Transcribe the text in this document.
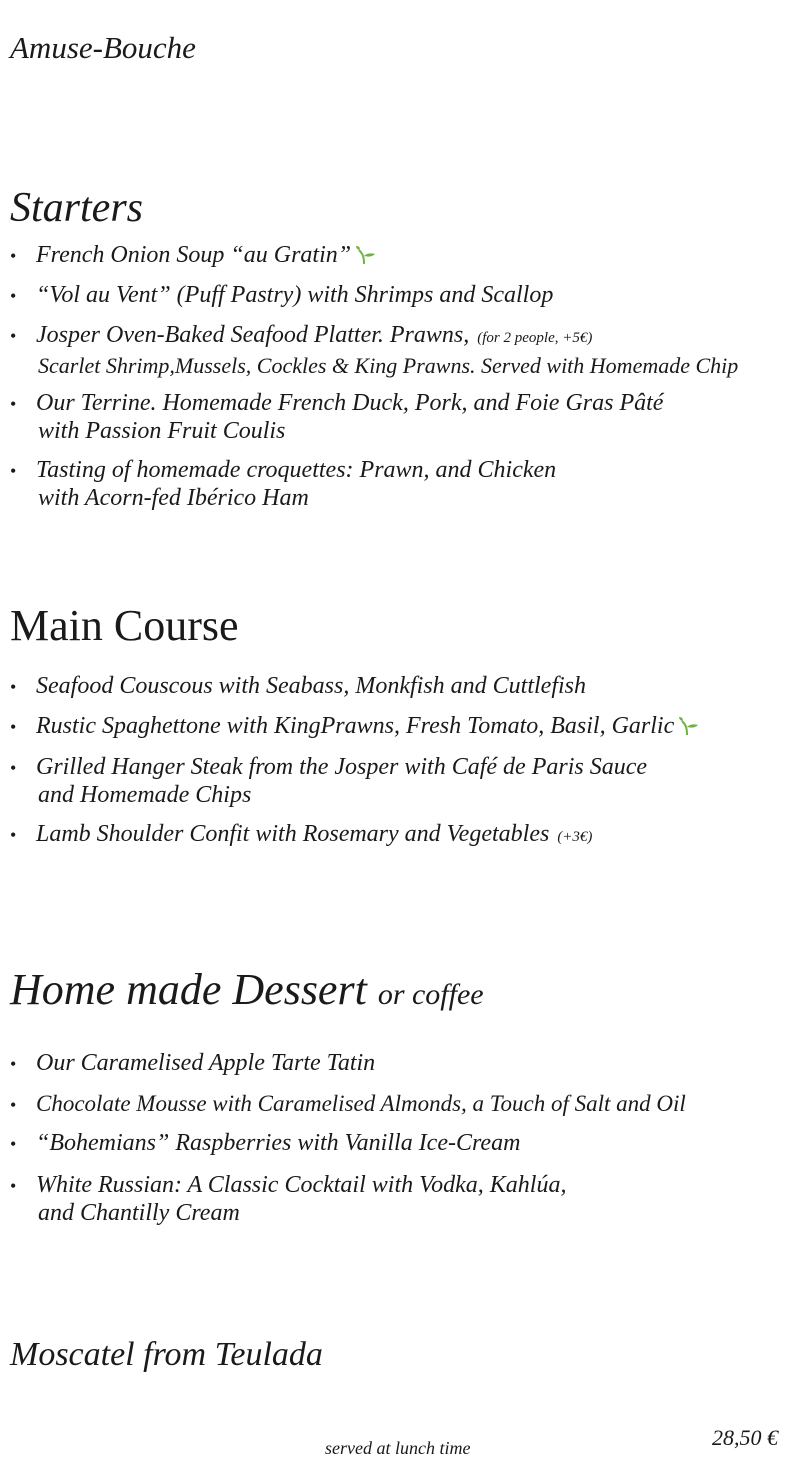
Amuse-Bouche
Starters
• French Onion Soup “au Gratin”
• “Vol au Vent” (Puff Pastry) with Shrimps and Scallop
• Josper Oven-Baked Seafood Platter. Prawns, (for 2 people, +5€)
Scarlet Shrimp,Mussels, Cockles & King Prawns. Served with Homemade Chip
• Our Terrine. Homemade French Duck, Pork, and Foie Gras Pâté
with Passion Fruit Coulis
• Tasting of homemade croquettes: Prawn, and Chicken
with Acorn-fed Ibérico Ham
Main Course
• Seafood Couscous with Seabass, Monkfish and Cuttlefish
• Rustic Spaghettone with KingPrawns, Fresh Tomato, Basil, Garlic
• Grilled Hanger Steak from the Josper with Café de Paris Sauce
and Homemade Chips
• Lamb Shoulder Confit with Rosemary and Vegetables (+3€)
Home made Dessert or coffee
• Our Caramelised Apple Tarte Tatin
• Chocolate Mousse with Caramelised Almonds, a Touch of Salt and Oil
• “Bohemians” Raspberries with Vanilla Ice-Cream
• White Russian: A Classic Cocktail with Vodka, Kahlúa,
and Chantilly Cream
Moscatel from Teulada
served at lunch time	28,50 €
